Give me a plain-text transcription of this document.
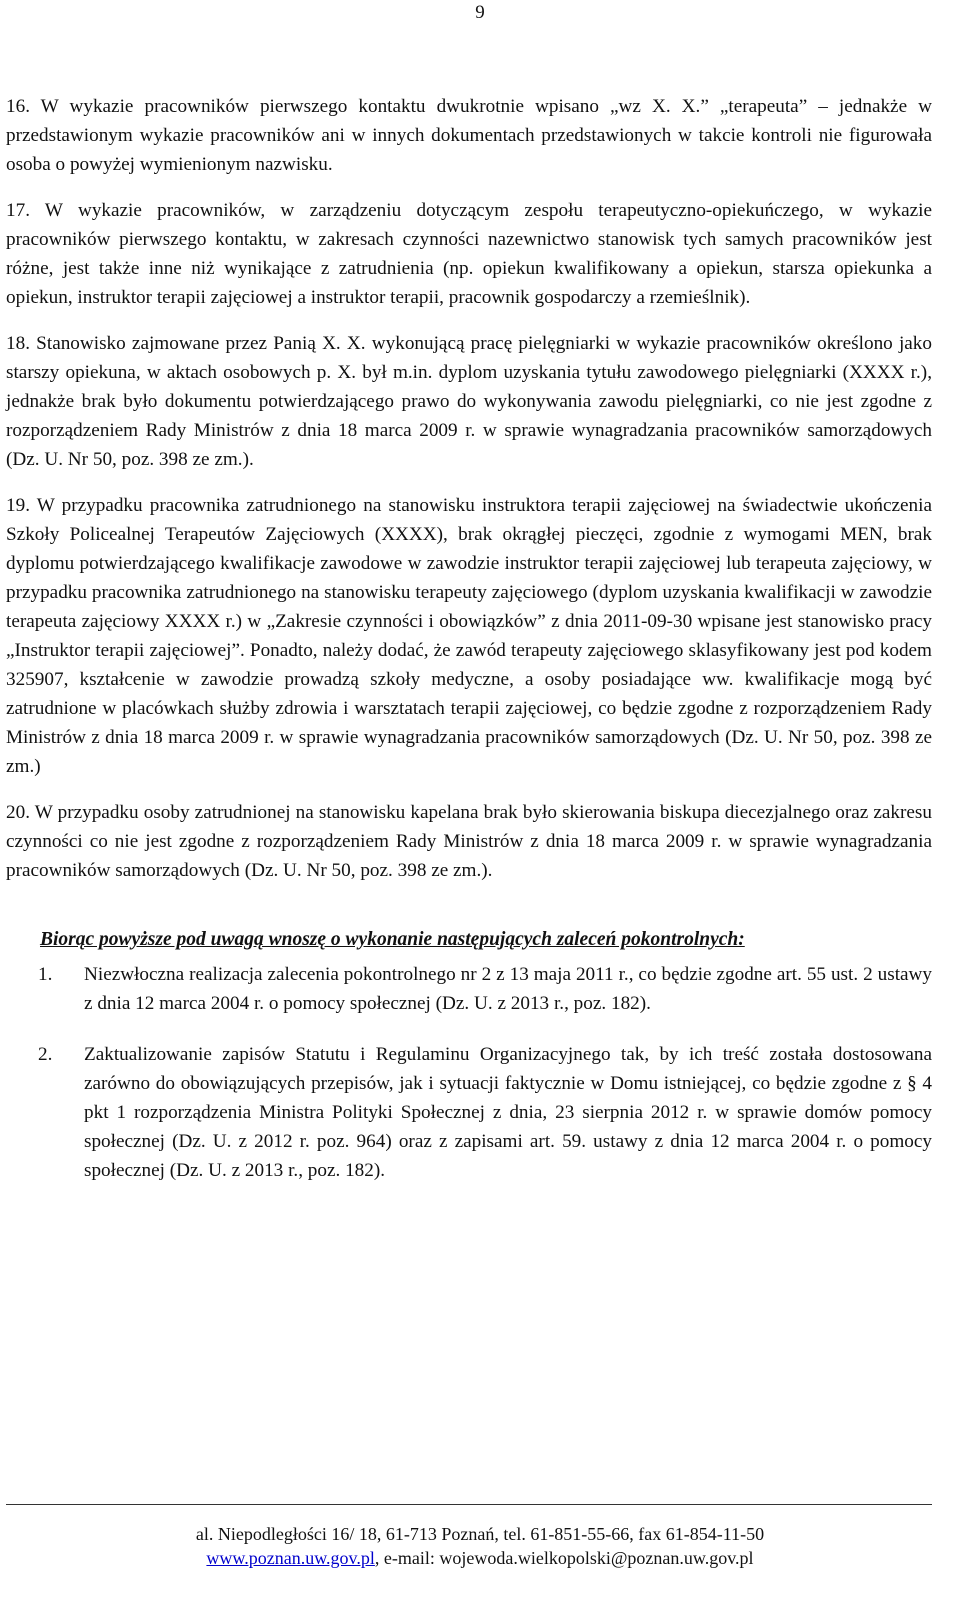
9

16. W wykazie pracowników pierwszego kontaktu dwukrotnie wpisano „wz X. X.” „terapeuta” – jednakże w przedstawionym wykazie pracowników ani w innych dokumentach przedstawionych w takcie kontroli nie figurowała osoba o powyżej wymienionym nazwisku.

17. W wykazie pracowników, w zarządzeniu dotyczącym zespołu terapeutyczno-opiekuńczego, w wykazie pracowników pierwszego kontaktu, w zakresach czynności nazewnictwo stanowisk tych samych pracowników jest różne, jest także inne niż wynikające z zatrudnienia (np. opiekun kwalifikowany a opiekun, starsza opiekunka a opiekun, instruktor terapii zajęciowej a instruktor terapii, pracownik gospodarczy a rzemieślnik).

18. Stanowisko zajmowane przez Panią X. X. wykonującą pracę pielęgniarki w wykazie pracowników określono jako starszy opiekuna, w aktach osobowych p. X. był m.in. dyplom uzyskania tytułu zawodowego pielęgniarki (XXXX r.), jednakże brak było dokumentu potwierdzającego prawo do wykonywania zawodu pielęgniarki, co nie jest zgodne z rozporządzeniem Rady Ministrów z dnia 18 marca 2009 r. w sprawie wynagradzania pracowników samorządowych (Dz. U. Nr 50, poz. 398 ze zm.).

19. W przypadku pracownika zatrudnionego na stanowisku instruktora terapii zajęciowej na świadectwie ukończenia Szkoły Policealnej Terapeutów Zajęciowych (XXXX), brak okrągłej pieczęci, zgodnie z wymogami MEN, brak dyplomu potwierdzającego kwalifikacje zawodowe w zawodzie instruktor terapii zajęciowej lub terapeuta zajęciowy, w przypadku pracownika zatrudnionego na stanowisku terapeuty zajęciowego (dyplom uzyskania kwalifikacji w zawodzie terapeuta zajęciowy XXXX r.) w „Zakresie czynności i obowiązków” z dnia 2011-09-30 wpisane jest stanowisko pracy „Instruktor terapii zajęciowej”. Ponadto, należy dodać, że zawód terapeuty zajęciowego sklasyfikowany jest pod kodem 325907, kształcenie w zawodzie prowadzą szkoły medyczne, a osoby posiadające ww. kwalifikacje mogą być zatrudnione w placówkach służby zdrowia i warsztatach terapii zajęciowej, co będzie zgodne z rozporządzeniem Rady Ministrów z dnia 18 marca 2009 r. w sprawie wynagradzania pracowników samorządowych (Dz. U. Nr 50, poz. 398 ze zm.)

20. W przypadku osoby zatrudnionej na stanowisku kapelana brak było skierowania biskupa diecezjalnego oraz zakresu czynności co nie jest zgodne z rozporządzeniem Rady Ministrów z dnia 18 marca 2009 r. w sprawie wynagradzania pracowników samorządowych (Dz. U. Nr 50, poz. 398 ze zm.).

Biorąc powyższe pod uwagą wnoszę o wykonanie następujących zaleceń pokontrolnych:
1.	Niezwłoczna realizacja zalecenia pokontrolnego nr 2 z 13 maja 2011 r., co będzie zgodne art. 55 ust. 2 ustawy z dnia 12 marca 2004 r. o pomocy społecznej (Dz. U. z 2013 r., poz. 182).
2.	Zaktualizowanie zapisów Statutu i Regulaminu Organizacyjnego tak, by ich treść została dostosowana zarówno do obowiązujących przepisów, jak i sytuacji faktycznie w Domu istniejącej, co będzie zgodne z § 4 pkt 1 rozporządzenia Ministra Polityki Społecznej z dnia, 23 sierpnia 2012 r. w sprawie domów pomocy społecznej (Dz. U. z 2012 r. poz. 964) oraz z zapisami art. 59. ustawy z dnia 12 marca 2004 r. o pomocy społecznej (Dz. U. z 2013 r., poz. 182).
al. Niepodległości 16/ 18, 61-713 Poznań, tel. 61-851-55-66, fax 61-854-11-50
www.poznan.uw.gov.pl, e-mail: wojewoda.wielkopolski@poznan.uw.gov.pl
